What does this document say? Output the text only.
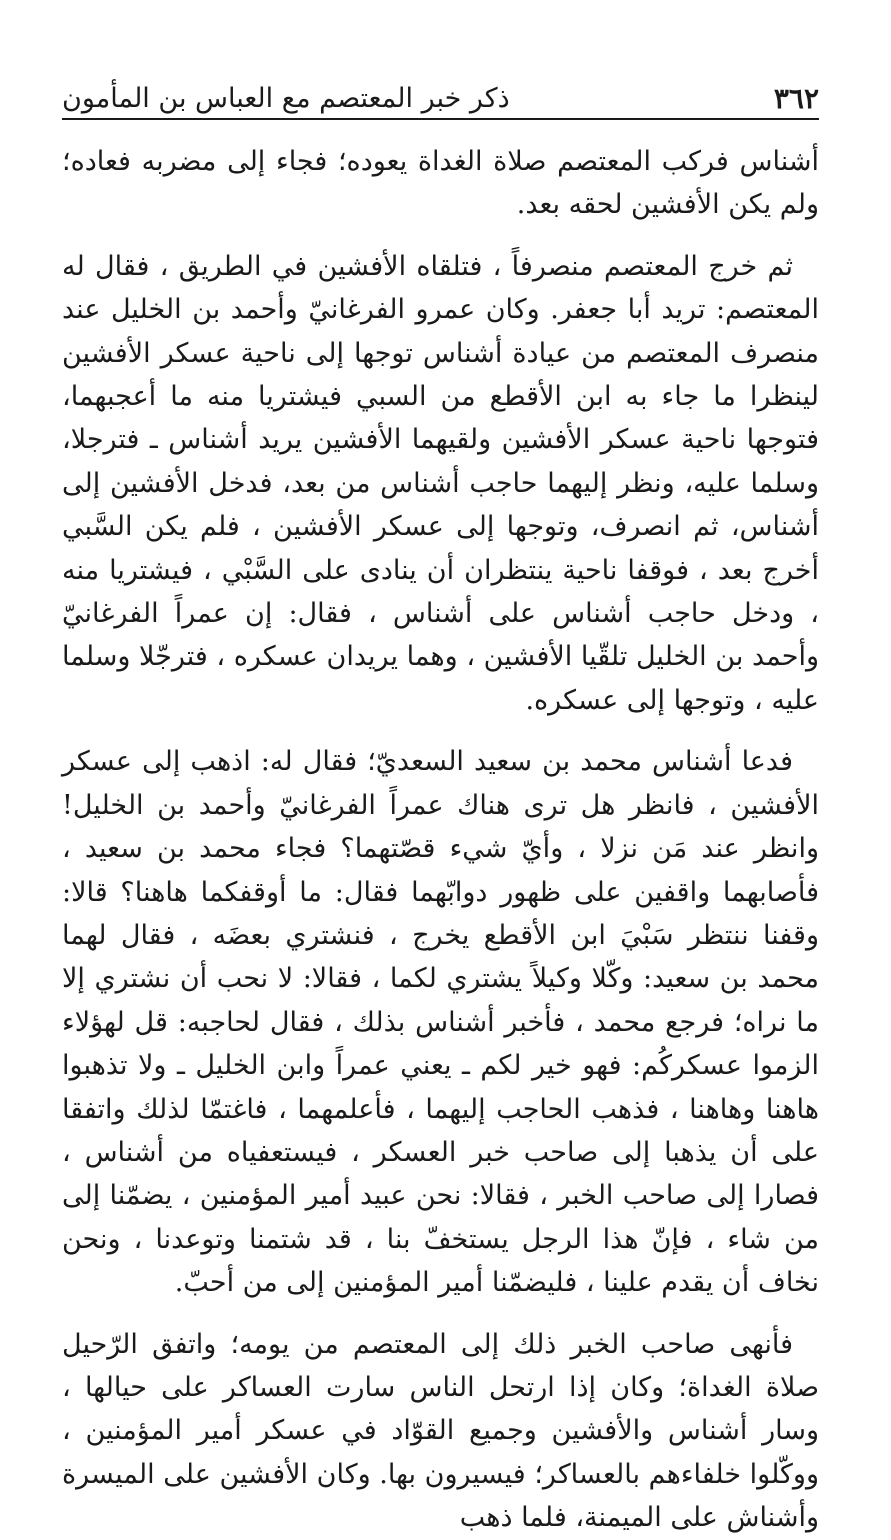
٣٦٢
ذكر خبر المعتصم مع العباس بن المأمون

أشناس فركب المعتصم صلاة الغداة يعوده؛ فجاء إلى مضربه فعاده؛ ولم يكن الأفشين لحقه بعد.

ثم خرج المعتصم منصرفاً ، فتلقاه الأفشين في الطريق ، فقال له المعتصم: تريد أبا جعفر. وكان عمرو الفرغانيّ وأحمد بن الخليل عند منصرف المعتصم من عيادة أشناس توجها إلى ناحية عسكر الأفشين لينظرا ما جاء به ابن الأقطع من السبي فيشتريا منه ما أعجبهما، فتوجها ناحية عسكر الأفشين ولقيهما الأفشين يريد أشناس ـ فترجلا، وسلما عليه، ونظر إليهما حاجب أشناس من بعد، فدخل الأفشين إلى أشناس، ثم انصرف، وتوجها إلى عسكر الأفشين ، فلم يكن السَّبي أخرج بعد ، فوقفا ناحية ينتظران أن ينادى على السَّبْي ، فيشتريا منه ، ودخل حاجب أشناس على أشناس ، فقال: إن عمراً الفرغانيّ وأحمد بن الخليل تلقّيا الأفشين ، وهما يريدان عسكره ، فترجّلا وسلما عليه ، وتوجها إلى عسكره.

فدعا أشناس محمد بن سعيد السعديّ؛ فقال له: اذهب إلى عسكر الأفشين ، فانظر هل ترى هناك عمراً الفرغانيّ وأحمد بن الخليل! وانظر عند مَن نزلا ، وأيّ شيء قصّتهما؟ فجاء محمد بن سعيد ، فأصابهما واقفين على ظهور دوابّهما فقال: ما أوقفكما هاهنا؟ قالا: وقفنا ننتظر سَبْيَ ابن الأقطع يخرج ، فنشتري بعضَه ، فقال لهما محمد بن سعيد: وكّلا وكيلاً يشتري لكما ، فقالا: لا نحب أن نشتري إلا ما نراه؛ فرجع محمد ، فأخبر أشناس بذلك ، فقال لحاجبه: قل لهؤلاء الزموا عسكركُم: فهو خير لكم ـ يعني عمراً وابن الخليل ـ ولا تذهبوا هاهنا وهاهنا ، فذهب الحاجب إليهما ، فأعلمهما ، فاغتمّا لذلك واتفقا على أن يذهبا إلى صاحب خبر العسكر ، فيستعفياه من أشناس ، فصارا إلى صاحب الخبر ، فقالا: نحن عبيد أمير المؤمنين ، يضمّنا إلى من شاء ، فإنّ هذا الرجل يستخفّ بنا ، قد شتمنا وتوعدنا ، ونحن نخاف أن يقدم علينا ، فليضمّنا أمير المؤمنين إلى من أحبّ.

فأنهى صاحب الخبر ذلك إلى المعتصم من يومه؛ واتفق الرّحيل صلاة الغداة؛ وكان إذا ارتحل الناس سارت العساكر على حيالها ، وسار أشناس والأفشين وجميع القوّاد في عسكر أمير المؤمنين ، ووكّلوا خلفاءهم بالعساكر؛ فيسيرون بها. وكان الأفشين على الميسرة وأشناش على الميمنة، فلما ذهب
